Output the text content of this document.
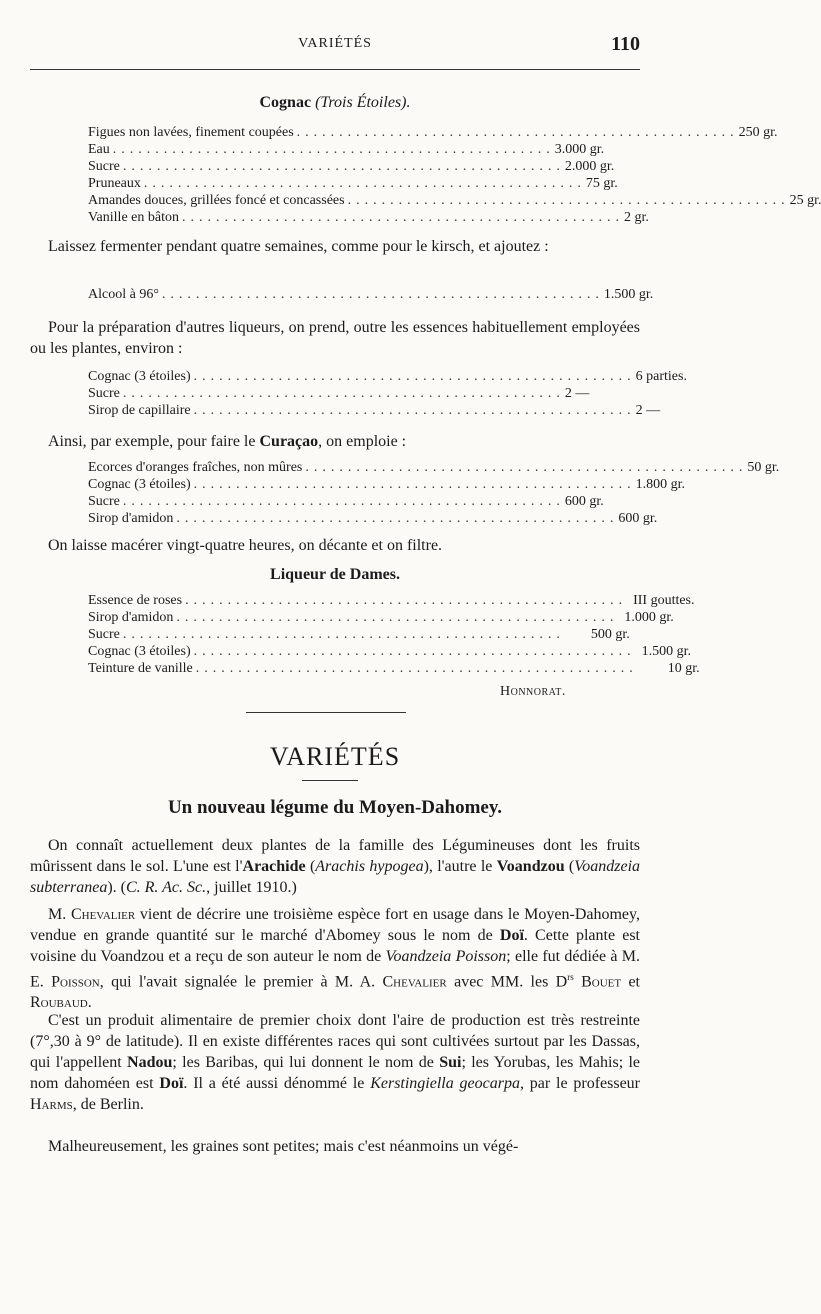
VARIÉTÉS	110
Cognac (Trois Étoiles).
Figues non lavées, finement coupées .................................................... 250 gr.
Eau .................................................... 3.000 gr.
Sucre .................................................... 2.000 gr.
Pruneaux .................................................... 75 gr.
Amandes douces, grillées foncé et concassées .................................................... 25 gr.
Vanille en bâton .................................................... 2 gr.
Laissez fermenter pendant quatre semaines, comme pour le kirsch, et ajoutez :
Alcool à 96° .................................................... 1.500 gr.
Pour la préparation d'autres liqueurs, on prend, outre les essences habituellement employées ou les plantes, environ :
Cognac (3 étoiles) .................................................... 6 parties.
Sucre .................................................... 2 —
Sirop de capillaire .................................................... 2 —
Ainsi, par exemple, pour faire le Curaçao, on emploie :
Ecorces d'oranges fraîches, non mûres .................................................... 50 gr.
Cognac (3 étoiles) .................................................... 1.800 gr.
Sucre .................................................... 600 gr.
Sirop d'amidon .................................................... 600 gr.
On laisse macérer vingt-quatre heures, on décante et on filtre.
Liqueur de Dames.
Essence de roses .................................................... III gouttes.
Sirop d'amidon .................................................... 1.000 gr.
Sucre ....................................................	500 gr.
Cognac (3 étoiles) .................................................... 1.500 gr.
Teinture de vanille ....................................................	10 gr.
Honnorat.
VARIÉTÉS
Un nouveau légume du Moyen-Dahomey.
On connaît actuellement deux plantes de la famille des Légumineuses dont les fruits mûrissent dans le sol. L'une est l'Arachide (Arachis hypogea), l'autre le Voandzou (Voandzeia subterranea). (C. R. Ac. Sc., juillet 1910.)
M. Chevalier vient de décrire une troisième espèce fort en usage dans le Moyen-Dahomey, vendue en grande quantité sur le marché d'Abomey sous le nom de Doï. Cette plante est voisine du Voandzou et a reçu de son auteur le nom de Voandzeia Poisson; elle fut dédiée à M. E. Poisson, qui l'avait signalée le premier à M. A. Chevalier avec MM. les $D^{rs}$ Bouet et Roubaud.
C'est un produit alimentaire de premier choix dont l'aire de production est très restreinte (7°,30 à 9° de latitude). Il en existe différentes races qui sont cultivées surtout par les Dassas, qui l'appellent Nadou; les Baribas, qui lui donnent le nom de Sui; les Yorubas, les Mahis; le nom dahoméen est Doï. Il a été aussi dénommé le Kerstingiella geocarpa, par le professeur Harms, de Berlin.
Malheureusement, les graines sont petites; mais c'est néanmoins un végé-
